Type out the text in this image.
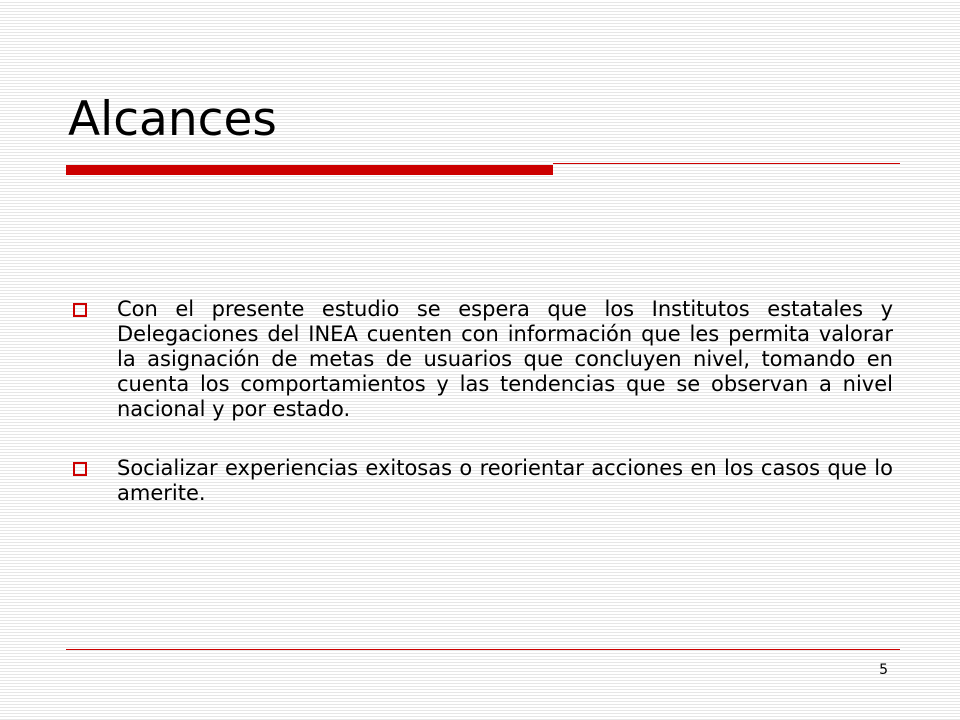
Alcances
Con el presente estudio se espera que los Institutos estatales y Delegaciones del INEA cuenten con información que les permita valorar la asignación de metas de usuarios que concluyen nivel, tomando en cuenta los comportamientos y las tendencias que se observan a nivel nacional y por estado.
Socializar experiencias exitosas o reorientar acciones en los casos que lo amerite.
5
